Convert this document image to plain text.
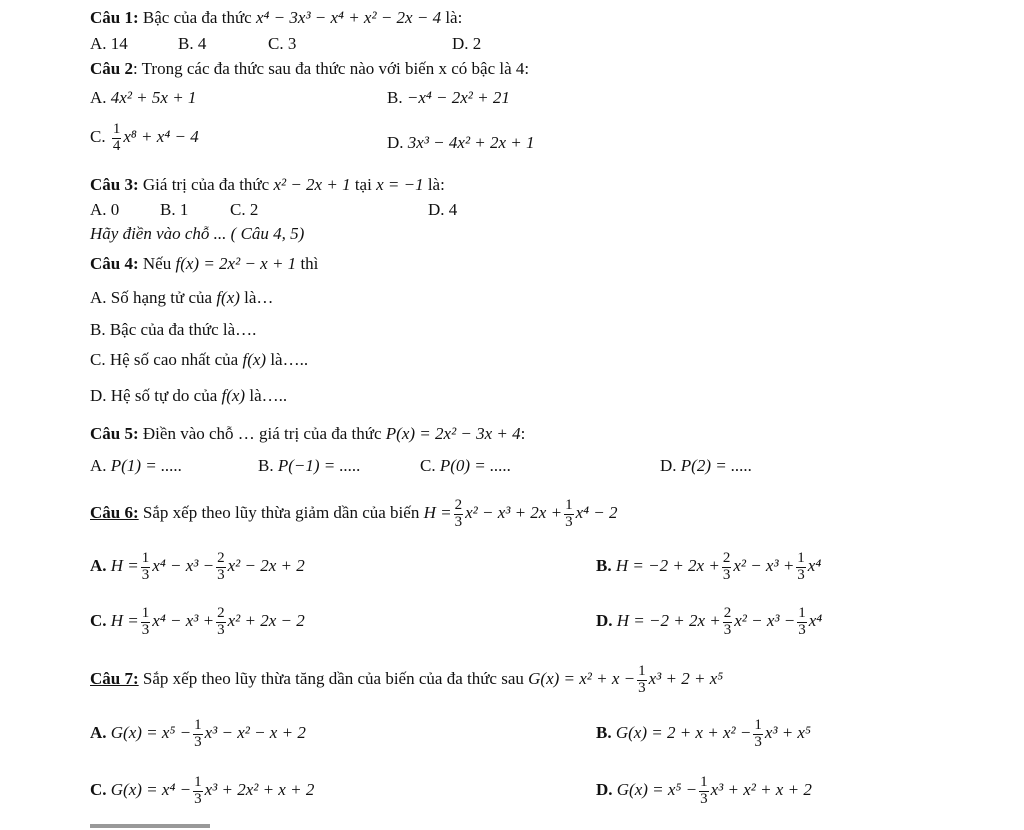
Câu 1: Bậc của đa thức x⁴ − 3x³ − x⁴ + x² − 2x − 4 là:
A. 14	B. 4	C. 3	D. 2
Câu 2: Trong các đa thức sau đa thức nào với biến x có bậc là 4:
A. 4x² + 5x + 1	B. −x⁴ − 2x² + 21
C. $\frac{1}{4} x^8 + x^4 - 4$	D. 3x³ − 4x² + 2x + 1
Câu 3: Giá trị của đa thức x² − 2x + 1 tại x = −1 là:
A. 0 B. 1 C. 2	D. 4
Hãy điền vào chỗ ... ( Câu 4, 5)
Câu 4: Nếu f(x) = 2x² − x + 1 thì
A. Số hạng tử của f(x) là…
B. Bậc của đa thức là….
C. Hệ số cao nhất của f(x) là…..
D. Hệ số tự do của f(x) là…..
Câu 5: Điền vào chỗ … giá trị của đa thức P(x) = 2x² − 3x + 4:
A. P(1) = .....	B. P(−1) = .....	C. P(0) = .....	D. P(2) = .....
Câu 6: Sắp xếp theo lũy thừa giảm dần của biến $H = \frac{2}{3} x^2 - x^3 + 2x + \frac{1}{3} x^4 - 2$
A. $H = \frac{1}{3} x^4 - x^3 - \frac{2}{3} x^2 - 2x + 2$	B. $H = -2 + 2x + \frac{2}{3} x^2 - x^3 + \frac{1}{3} x^4$
C. $H = \frac{1}{3} x^4 - x^3 + \frac{2}{3} x^2 + 2x - 2$	D. $H = -2 + 2x + \frac{2}{3} x^2 - x^3 - \frac{1}{3} x^4$
Câu 7: Sắp xếp theo lũy thừa tăng dần của biến của đa thức sau $G(x) = x^2 + x - \frac{1}{3} x^3 + 2 + x^5$
A. $G(x) = x^5 - \frac{1}{3} x^3 - x^2 - x + 2$	B. $G(x) = 2 + x + x^2 - \frac{1}{3} x^3 + x^5$
C. $G(x) = x^4 - \frac{1}{3} x^3 + 2x^2 + x + 2$	D. $G(x) = x^5 - \frac{1}{3} x^3 + x^2 + x + 2$
